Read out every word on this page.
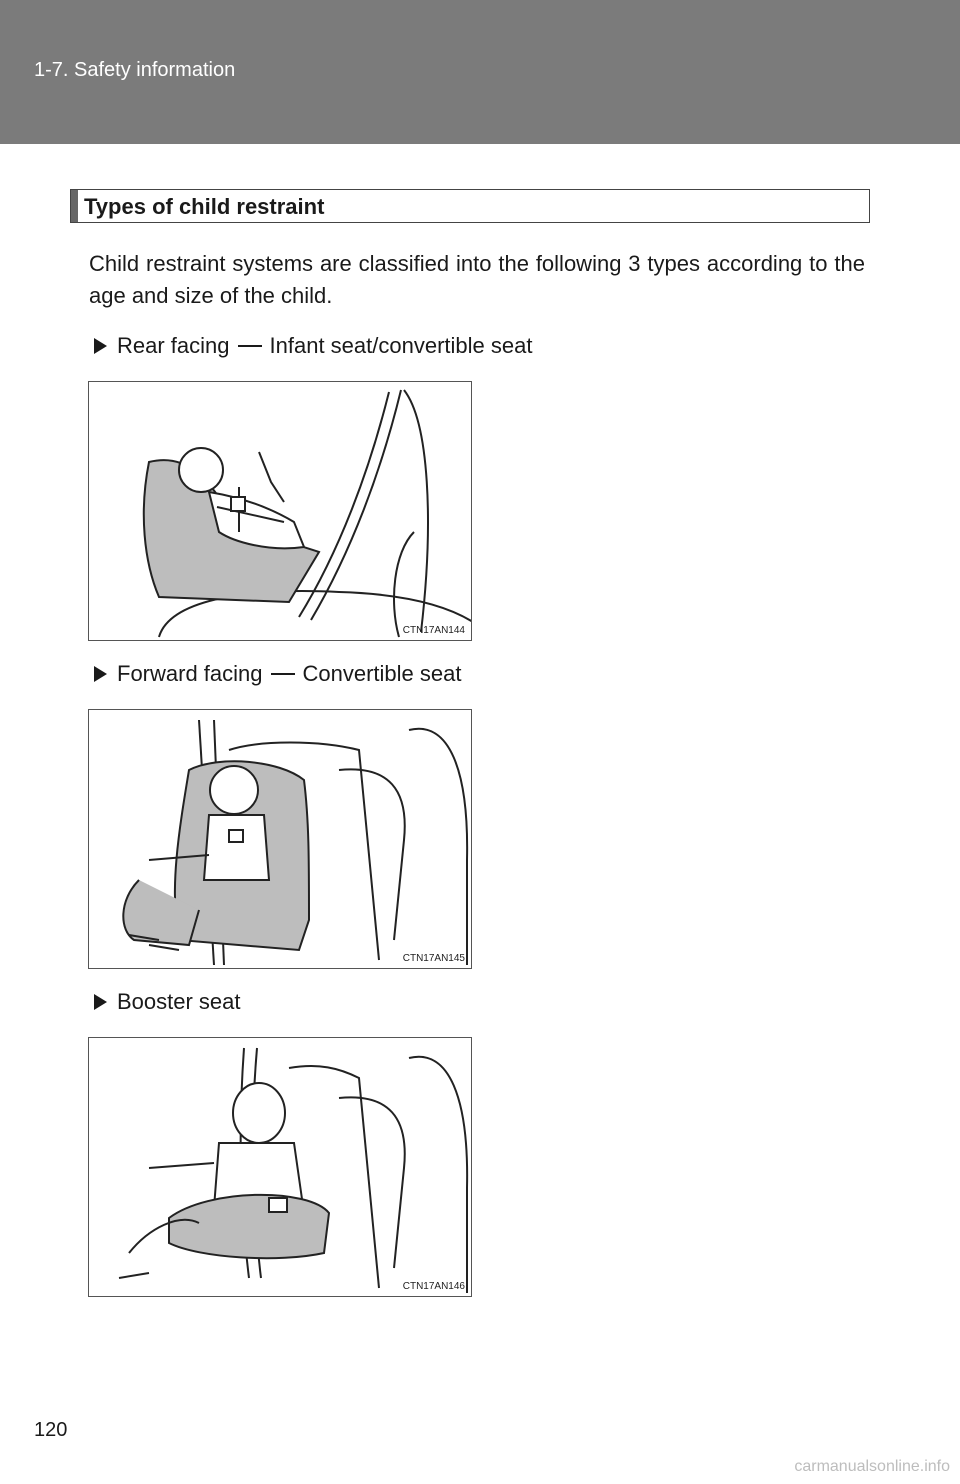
1-7. Safety information
Types of child restraint
Child restraint systems are classified into the following 3 types according to the age and size of the child.
Rear facing Infant seat/convertible seat
CTN17AN144
Forward facing Convertible seat
CTN17AN145
Booster seat
CTN17AN146
120
carmanualsonline.info
